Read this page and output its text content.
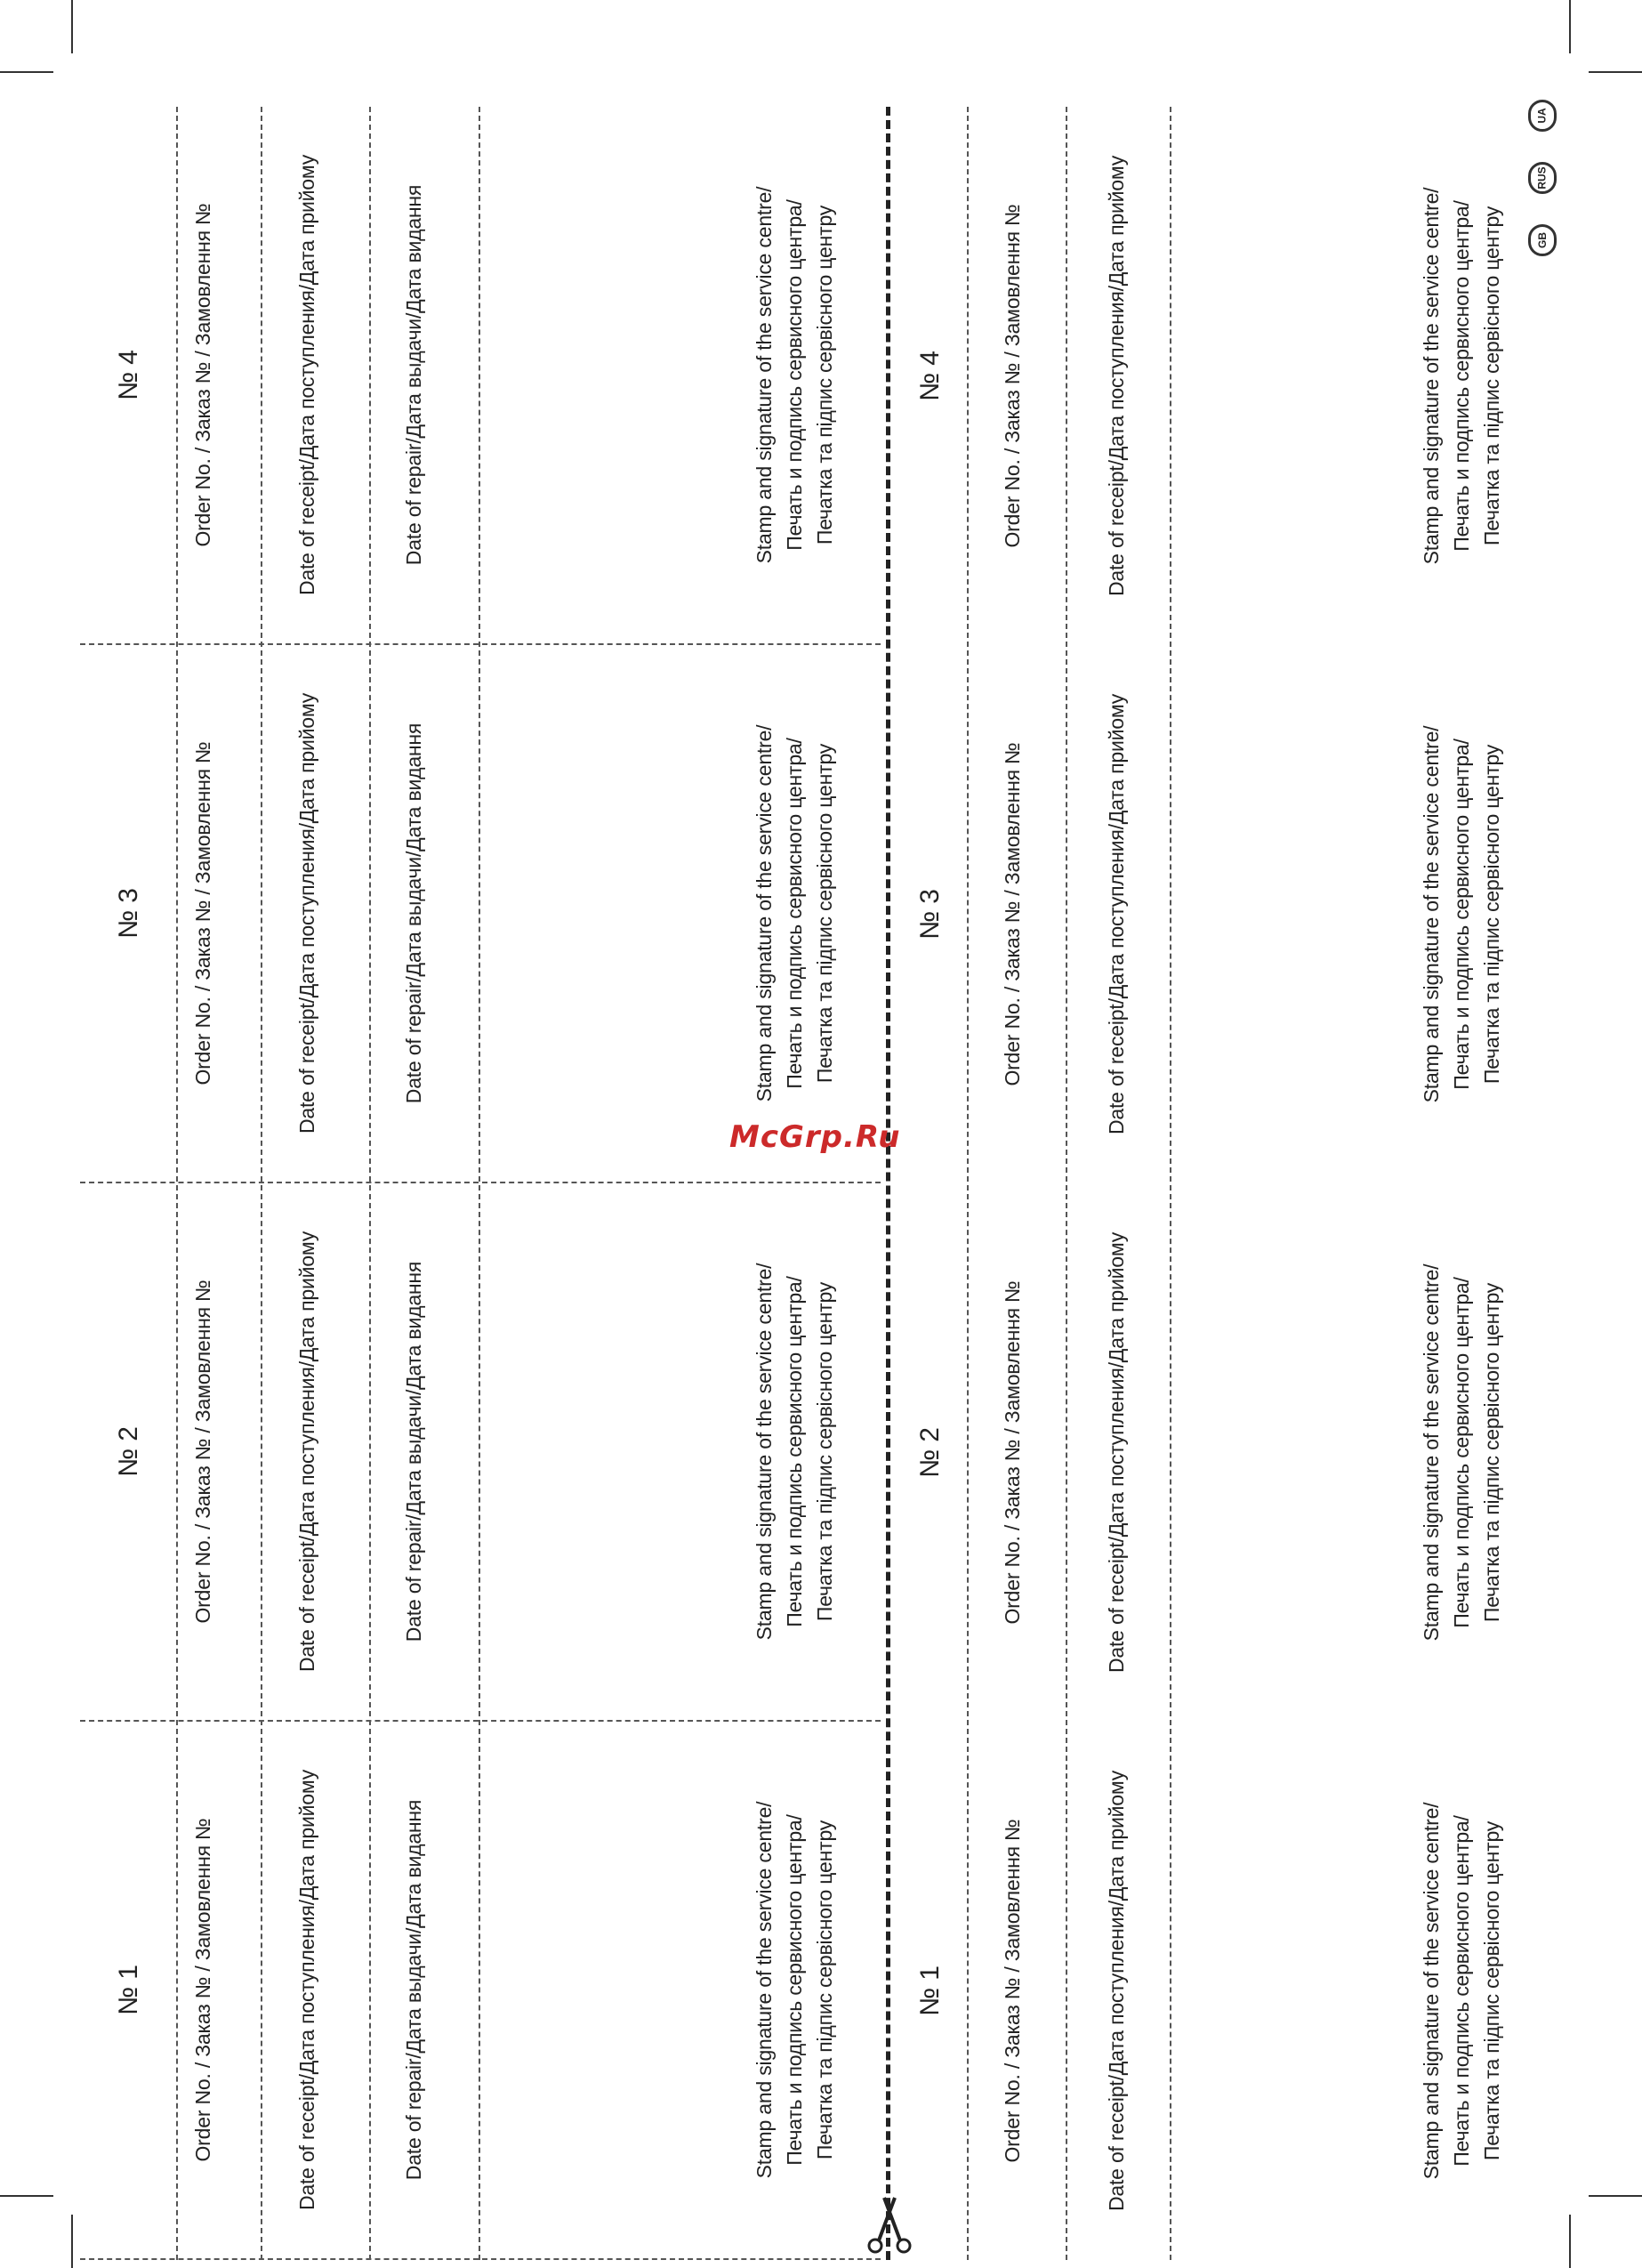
№ 1 Order No. / Заказ № / Замовлення №	Date of receipt/Дата поступления/Дата прийому	Date of repair/Дата выдачи/Дата видання	Stamp and signature of the service centre/ Печать и подпись сервисного центра/ Печатка та підпис сервісного центру
№ 2 Order No. / Заказ № / Замовлення №	Date of receipt/Дата поступления/Дата прийому	Date of repair/Дата выдачи/Дата видання	Stamp and signature of the service centre/ Печать и подпись сервисного центра/ Печатка та підпис сервісного центру
№ 3 Order No. / Заказ № / Замовлення №	Date of receipt/Дата поступления/Дата прийому	Date of repair/Дата выдачи/Дата видання	Stamp and signature of the service centre/ Печать и подпись сервисного центра/ Печатка та підпис сервісного центру
№ 4 Order No. / Заказ № / Замовлення №	Date of receipt/Дата поступления/Дата прийому	Date of repair/Дата выдачи/Дата видання	Stamp and signature of the service centre/ Печать и подпись сервисного центра/ Печатка та підпис сервісного центру
№ 1	Order No. / Заказ № / Замовлення №	Date of receipt/Дата поступления/Дата прийому	Stamp and signature of the service centre/ Печать и подпись сервисного центра/ Печатка та підпис сервісного центру
№ 2	Order No. / Заказ № / Замовлення №	Date of receipt/Дата поступления/Дата прийому	Stamp and signature of the service centre/ Печать и подпись сервисного центра/ Печатка та підпис сервісного центру
№ 3	Order No. / Заказ № / Замовлення №	Date of receipt/Дата поступления/Дата прийому	Stamp and signature of the service centre/ Печать и подпись сервисного центра/ Печатка та підпис сервісного центру
№ 4	Order No. / Заказ № / Замовлення №	Date of receipt/Дата поступления/Дата прийому	Stamp and signature of the service centre/ Печать и подпись сервисного центра/ Печатка та підпис сервісного центру
McGrp.Ru
GB
RUS
UA
